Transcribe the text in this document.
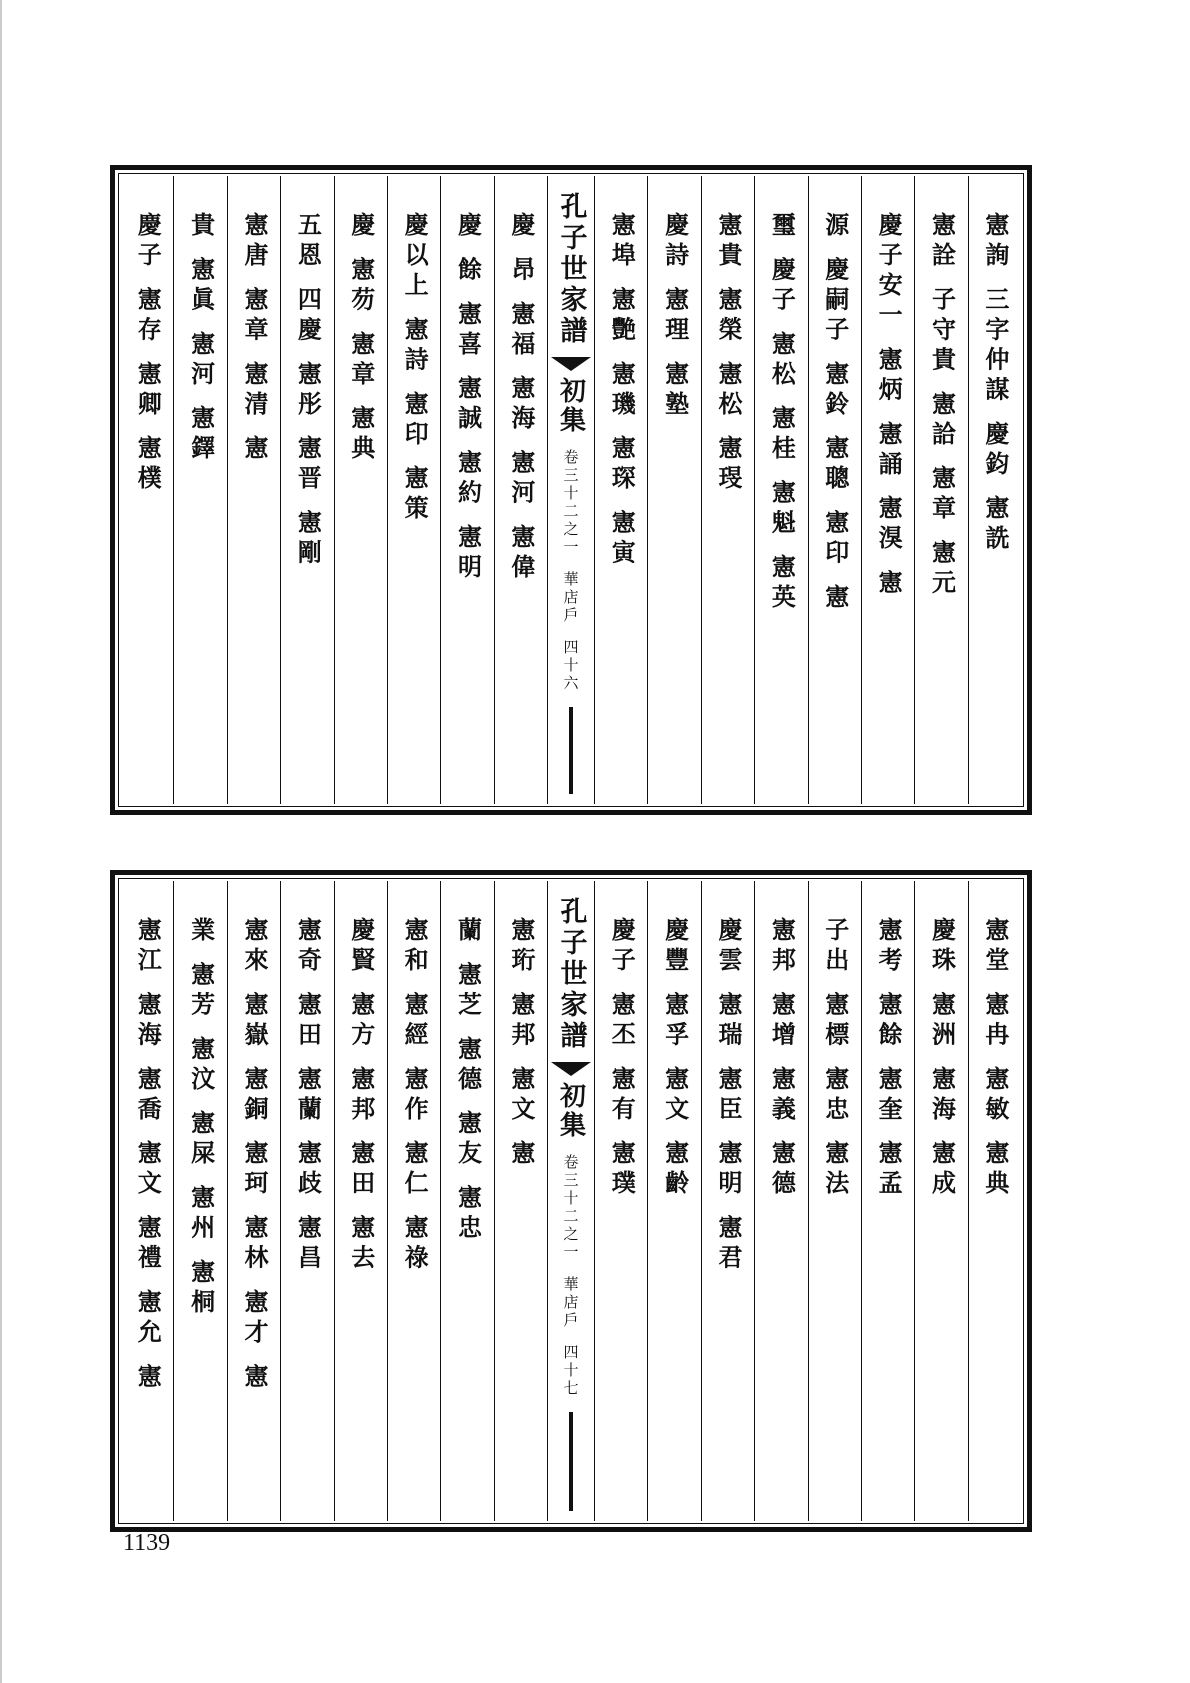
憲詢 三字仲謀 慶鈞 憲詵
憲詮 子守貴 憲詥 憲章 憲元
慶子安一 憲炳 憲誦 憲湨 憲
源 慶嗣子 憲鈴 憲聰 憲印 憲
璽 慶子 憲松 憲桂 憲魁 憲英
憲貴 憲榮 憲松 憲琝
慶詩 憲理 憲塾
憲埠 憲艷 憲璣 憲琛 憲寅
孔子世家譜
初集
卷三十二之一
華店戶
四十六
慶 昂 憲福 憲海 憲河 憲偉
慶 餘 憲喜 憲誠 憲約 憲明
慶以上 憲詩 憲印 憲策
慶 憲芴 憲章 憲典
五恩 四慶 憲彤 憲晋 憲剛
憲唐 憲章 憲清 憲
貴 憲眞 憲河 憲鐸
慶子 憲存 憲卿 憲樸
憲堂 憲冉 憲敏 憲典
慶珠 憲洲 憲海 憲成
憲考 憲餘 憲奎 憲孟
子出 憲標 憲忠 憲法
憲邦 憲增 憲義 憲德
慶雲 憲瑞 憲臣 憲明 憲君
慶豐 憲孚 憲文 憲齡
慶子 憲丕 憲有 憲璞
孔子世家譜
初集
卷三十二之一
華店戶
四十七
憲珩 憲邦 憲文 憲
蘭 憲芝 憲德 憲友 憲忠
憲和 憲經 憲作 憲仁 憲祿
慶賢 憲方 憲邦 憲田 憲去
憲奇 憲田 憲蘭 憲歧 憲昌
憲來 憲嶽 憲銅 憲珂 憲林 憲才 憲
業 憲芳 憲汶 憲屎 憲州 憲桐
憲江 憲海 憲喬 憲文 憲禮 憲允 憲
1139
